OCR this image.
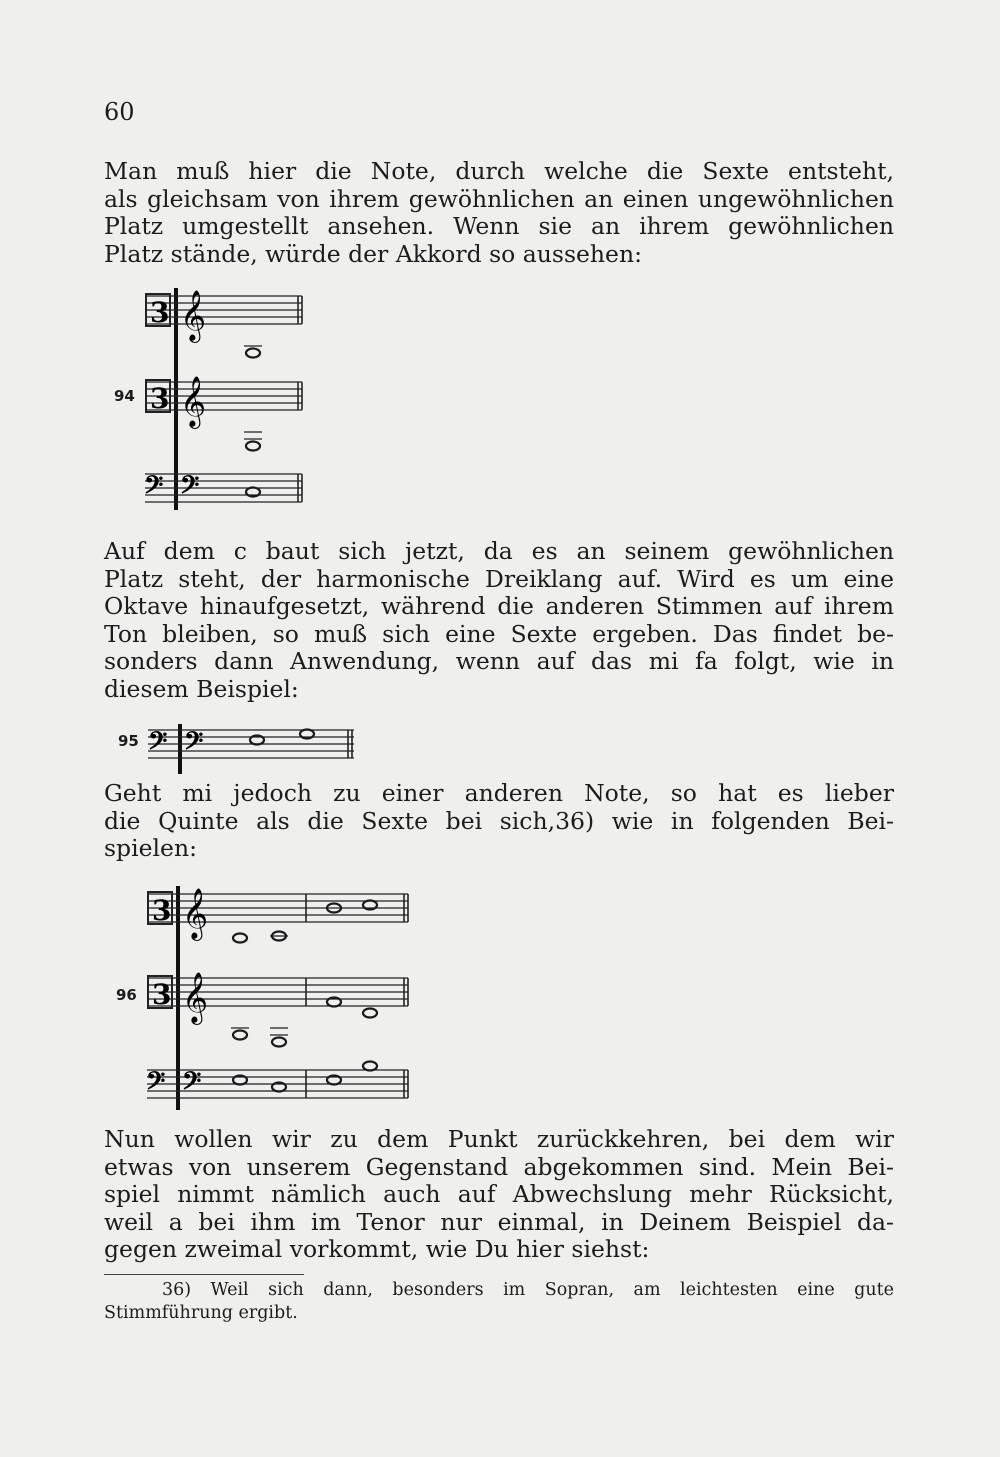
60

Man muß hier die Note, durch welche die Sexte entsteht,
als gleichsam von ihrem gewöhnlichen an einen ungewöhnlichen
Platz umgestellt ansehen. Wenn sie an ihrem gewöhnlichen
Platz stände, würde der Akkord so aussehen:

94
3 𝄞
3 𝄞
𝄢 𝄢

Auf dem c baut sich jetzt, da es an seinem gewöhnlichen
Platz steht, der harmonische Dreiklang auf. Wird es um eine
Oktave hinaufgesetzt, während die anderen Stimmen auf ihrem
Ton bleiben, so muß sich eine Sexte ergeben. Das findet be-
sonders dann Anwendung, wenn auf das mi fa folgt, wie in
diesem Beispiel:

95 𝄢 𝄢

Geht mi jedoch zu einer anderen Note, so hat es lieber
die Quinte als die Sexte bei sich,36) wie in folgenden Bei-
spielen:

96
3 𝄞
3 𝄞
𝄢 𝄢

Nun wollen wir zu dem Punkt zurückkehren, bei dem wir
etwas von unserem Gegenstand abgekommen sind. Mein Bei-
spiel nimmt nämlich auch auf Abwechslung mehr Rücksicht,
weil a bei ihm im Tenor nur einmal, in Deinem Beispiel da-
gegen zweimal vorkommt, wie Du hier siehst:

36) Weil sich dann, besonders im Sopran, am leichtesten eine gute
Stimmführung ergibt.
